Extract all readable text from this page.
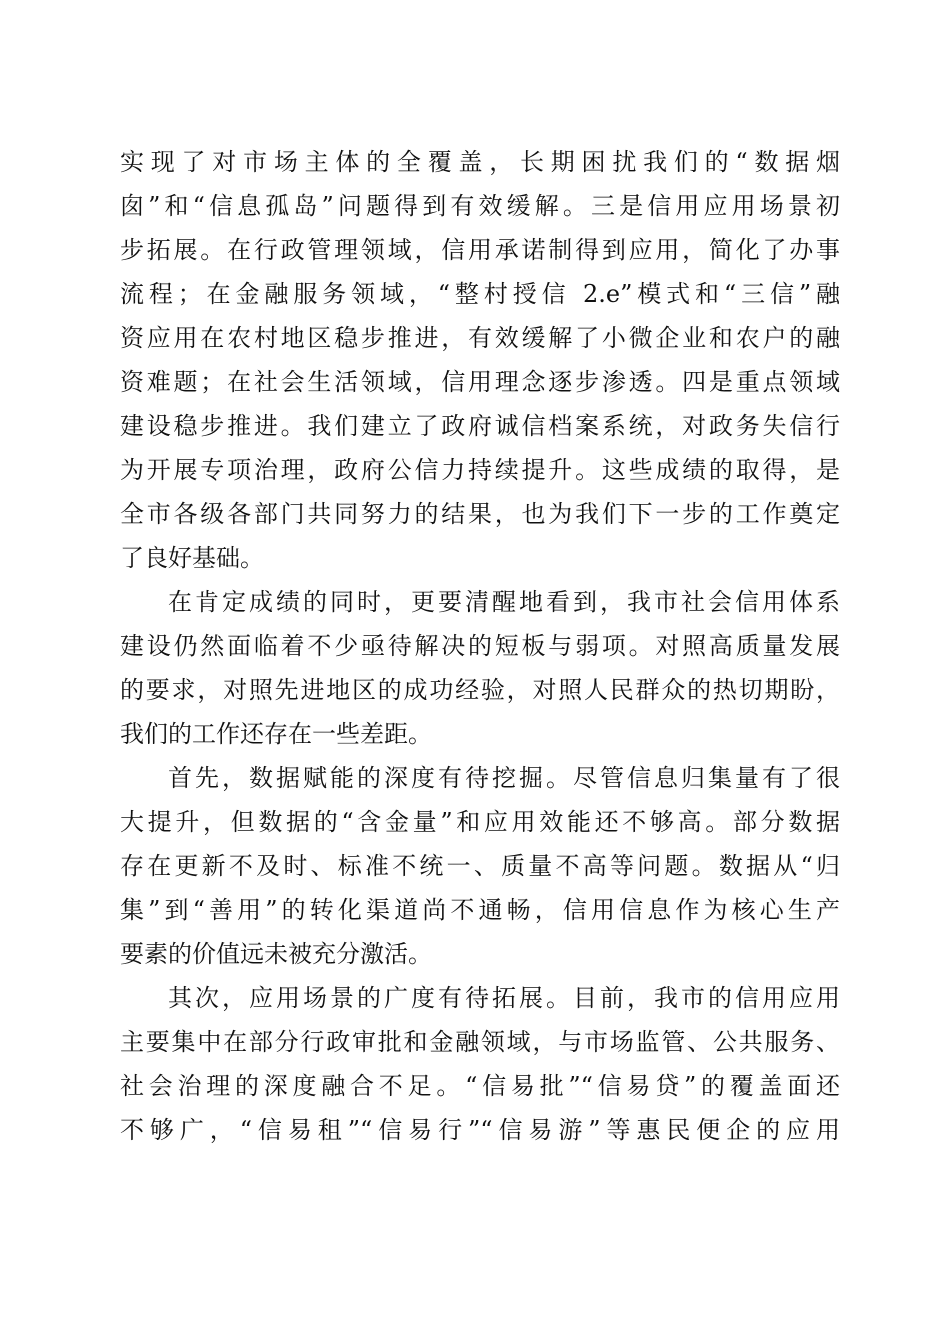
实现了对市场主体的全覆盖，长期困扰我们的“数据烟
囱”和“信息孤岛”问题得到有效缓解。三是信用应用场景初
步拓展。在行政管理领域，信用承诺制得到应用，简化了办事
流程；在金融服务领域，“整村授信 2.e”模式和“三信”融
资应用在农村地区稳步推进，有效缓解了小微企业和农户的融
资难题；在社会生活领域，信用理念逐步渗透。四是重点领域
建设稳步推进。我们建立了政府诚信档案系统，对政务失信行
为开展专项治理，政府公信力持续提升。这些成绩的取得，是
全市各级各部门共同努力的结果，也为我们下一步的工作奠定
了良好基础。
在肯定成绩的同时，更要清醒地看到，我市社会信用体系
建设仍然面临着不少亟待解决的短板与弱项。对照高质量发展
的要求，对照先进地区的成功经验，对照人民群众的热切期盼，
我们的工作还存在一些差距。
首先，数据赋能的深度有待挖掘。尽管信息归集量有了很
大提升，但数据的“含金量”和应用效能还不够高。部分数据
存在更新不及时、标准不统一、质量不高等问题。数据从“归
集”到“善用”的转化渠道尚不通畅，信用信息作为核心生产
要素的价值远未被充分激活。
其次，应用场景的广度有待拓展。目前，我市的信用应用
主要集中在部分行政审批和金融领域，与市场监管、公共服务、
社会治理的深度融合不足。“信易批”“信易贷”的覆盖面还
不够广，“信易租”“信易行”“信易游”等惠民便企的应用
